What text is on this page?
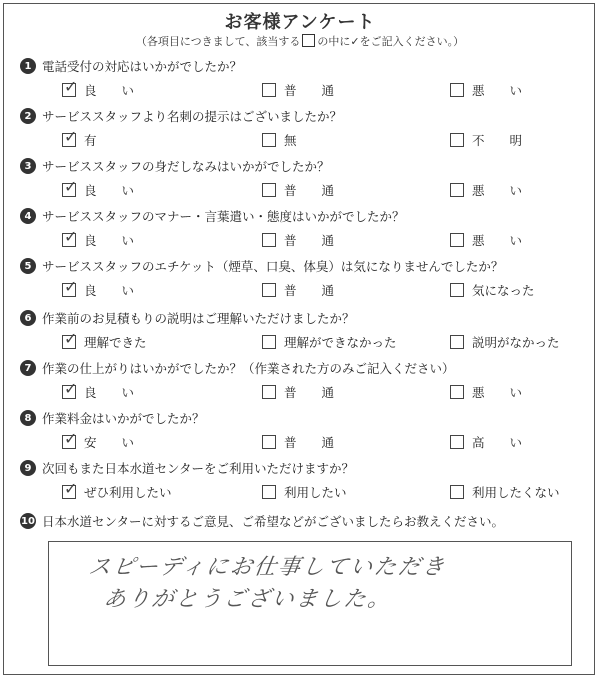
お客様アンケート
（各項目につきまして、該当する の中に✓をご記入ください。）
1 電話受付の対応はいかがでしたか？
✓ 良　　い	普　　通	悪　　い
2 サービススタッフより名刺の提示はございましたか？
✓ 有	無	不　　明
3 サービススタッフの身だしなみはいかがでしたか？
✓ 良　　い	普　　通	悪　　い
4 サービススタッフのマナー・言葉遣い・態度はいかがでしたか？
✓ 良　　い	普　　通	悪　　い
5 サービススタッフのエチケット（煙草、口臭、体臭）は気になりませんでしたか？
✓ 良　　い	普　　通	気になった
6 作業前のお見積もりの説明はご理解いただけましたか？
✓ 理解できた	理解ができなかった	説明がなかった
7 作業の仕上がりはいかがでしたか？（作業された方のみご記入ください）
✓ 良　　い	普　　通	悪　　い
8 作業料金はいかがでしたか？
✓ 安　　い	普　　通	高　　い
9 次回もまた日本水道センターをご利用いただけますか？
✓ ぜひ利用したい	利用したい	利用したくない
10 日本水道センターに対するご意見、ご希望などがございましたらお教えください。
スピーディにお仕事していただき
ありがとうございました。
